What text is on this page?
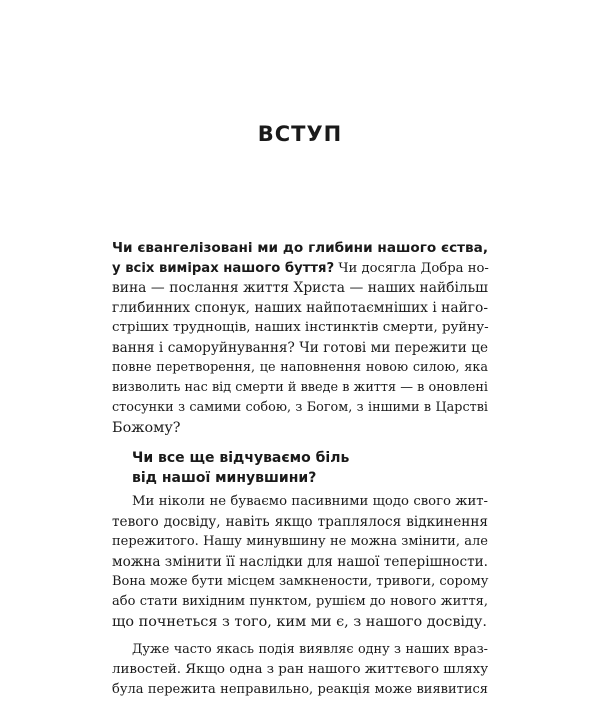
ВСТУП
Чи євангелізовані ми до глибини нашого єства,
у всіх вимірах нашого буття? Чи досягла Добра но-
вина — послання життя Христа — наших найбільш
глибинних спонук, наших найпотаємніших і найго-
стріших труднощів, наших інстинктів смерти, руйну-
вання і саморуйнування? Чи готові ми пережити це
повне перетворення, це наповнення новою силою, яка
визволить нас від смерти й введе в життя — в оновлені
стосунки з самими собою, з Богом, з іншими в Царстві
Божому?
Чи все ще відчуваємо біль
від нашої минувшини?
Ми ніколи не буваємо пасивними щодо свого жит-
тевого досвіду, навіть якщо траплялося відкинення
пережитого. Нашу минувшину не можна змінити, але
можна змінити її наслідки для нашої теперішности.
Вона може бути місцем замкнености, тривоги, сорому
або стати вихідним пунктом, рушієм до нового життя,
що почнеться з того, ким ми є, з нашого досвіду.
Дуже часто якась подія виявляє одну з наших враз-
ливостей. Якщо одна з ран нашого життєвого шляху
була пережита неправильно, реакція може виявитися
